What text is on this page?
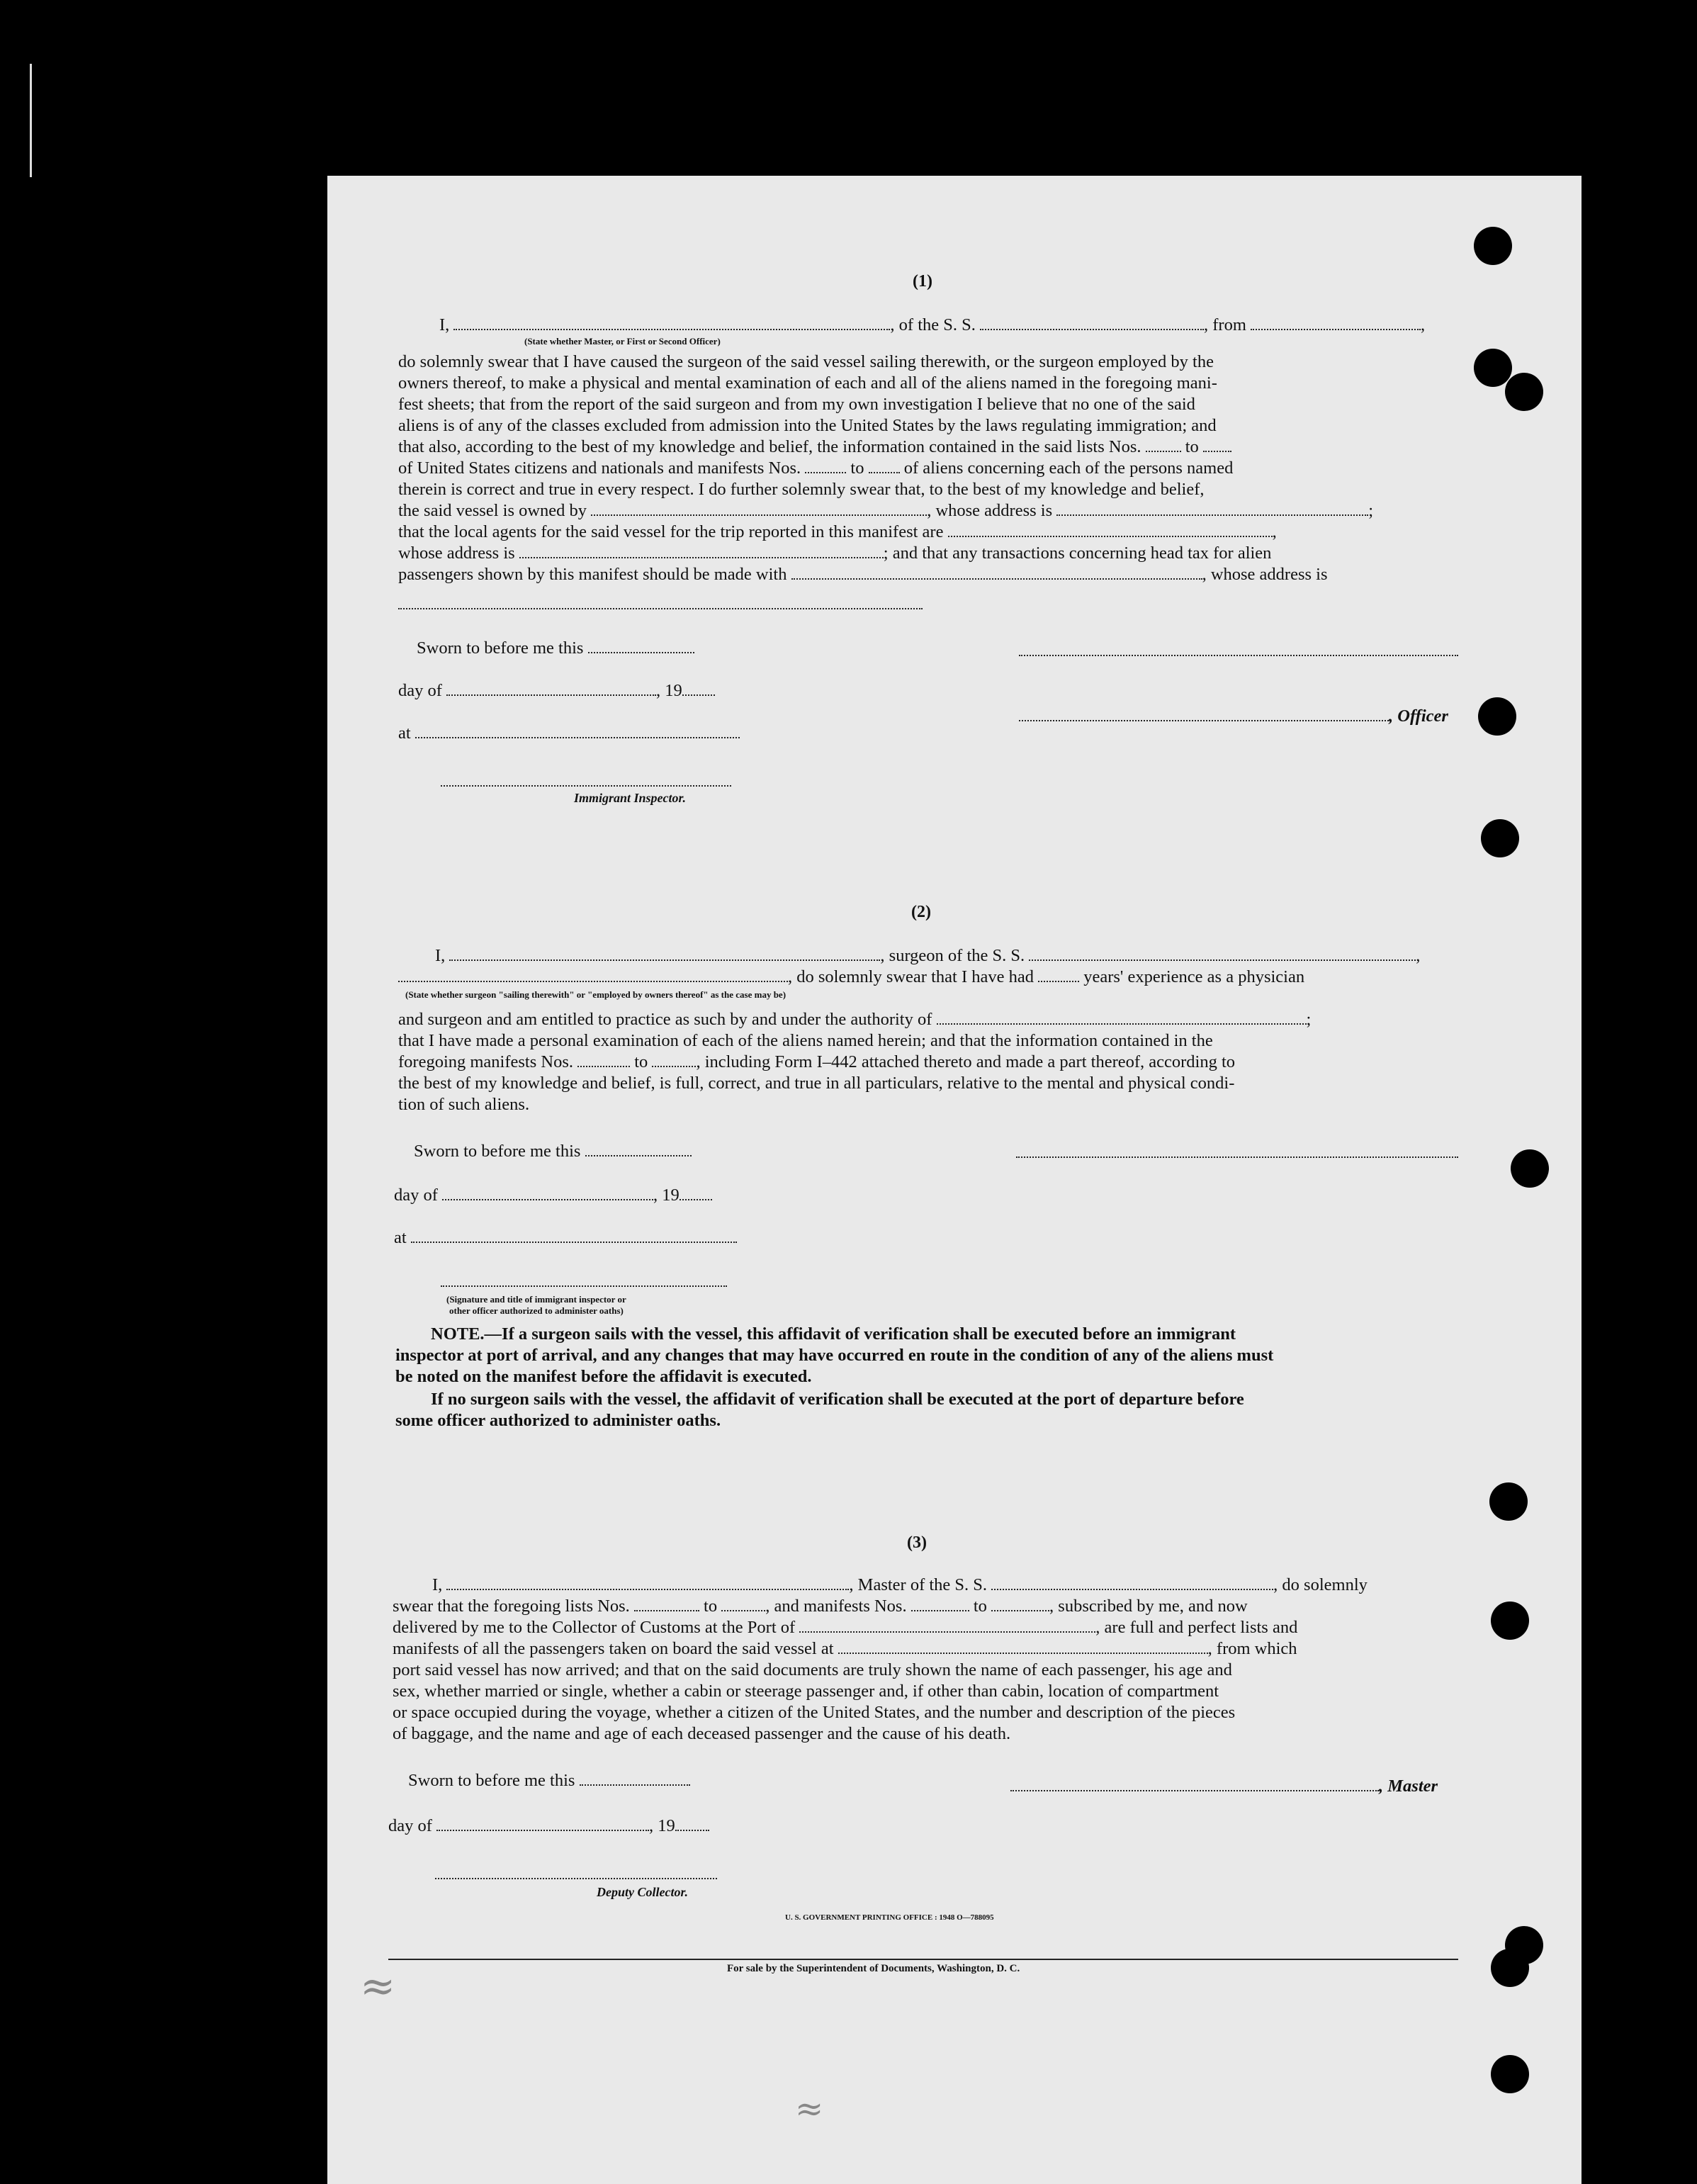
(1)
I,	, of the S. S.	, from	,
(State whether Master, or First or Second Officer)
do solemnly swear that I have caused the surgeon of the said vessel sailing therewith, or the surgeon employed by the
owners thereof, to make a physical and mental examination of each and all of the aliens named in the foregoing mani-
fest sheets; that from the report of the said surgeon and from my own investigation I believe that no one of the said
aliens is of any of the classes excluded from admission into the United States by the laws regulating immigration; and
that also, according to the best of my knowledge and belief, the information contained in the said lists Nos.	to
of United States citizens and nationals and manifests Nos.	to of aliens concerning each of the persons named
therein is correct and true in every respect. I do further solemnly swear that, to the best of my knowledge and belief,
the said vessel is owned by	, whose address is	;
that the local agents for the said vessel for the trip reported in this manifest are	,
whose address is	; and that any transactions concerning head tax for alien
passengers shown by this manifest should be made with	, whose address is
Sworn to before me this
day of	, 19
, Officer
at
Immigrant Inspector.
(2)
I,	, surgeon of the S. S.	,
, do solemnly swear that I have had	years' experience as a physician
(State whether surgeon "sailing therewith" or "employed by owners thereof" as the case may be)
and surgeon and am entitled to practice as such by and under the authority of	;
that I have made a personal examination of each of the aliens named herein; and that the information contained in the
foregoing manifests Nos.	to	, including Form I–442 attached thereto and made a part thereof, according to
the best of my knowledge and belief, is full, correct, and true in all particulars, relative to the mental and physical condi-
tion of such aliens.
Sworn to before me this
day of	, 19
at
(Signature and title of immigrant inspector or
other officer authorized to administer oaths)
NOTE.—If a surgeon sails with the vessel, this affidavit of verification shall be executed before an immigrant
inspector at port of arrival, and any changes that may have occurred en route in the condition of any of the aliens must
be noted on the manifest before the affidavit is executed.
If no surgeon sails with the vessel, the affidavit of verification shall be executed at the port of departure before
some officer authorized to administer oaths.
(3)
I,	, Master of the S. S.	, do solemnly
swear that the foregoing lists Nos.	to	, and manifests Nos.	to	, subscribed by me, and now
delivered by me to the Collector of Customs at the Port of	, are full and perfect lists and
manifests of all the passengers taken on board the said vessel at	, from which
port said vessel has now arrived; and that on the said documents are truly shown the name of each passenger, his age and
sex, whether married or single, whether a cabin or steerage passenger and, if other than cabin, location of compartment
or space occupied during the voyage, whether a citizen of the United States, and the number and description of the pieces
of baggage, and the name and age of each deceased passenger and the cause of his death.
Sworn to before me this	, Master
day of	, 19
Deputy Collector.
U. S. GOVERNMENT PRINTING OFFICE : 1948 O—788095
For sale by the Superintendent of Documents, Washington, D. C.
≈
≈
